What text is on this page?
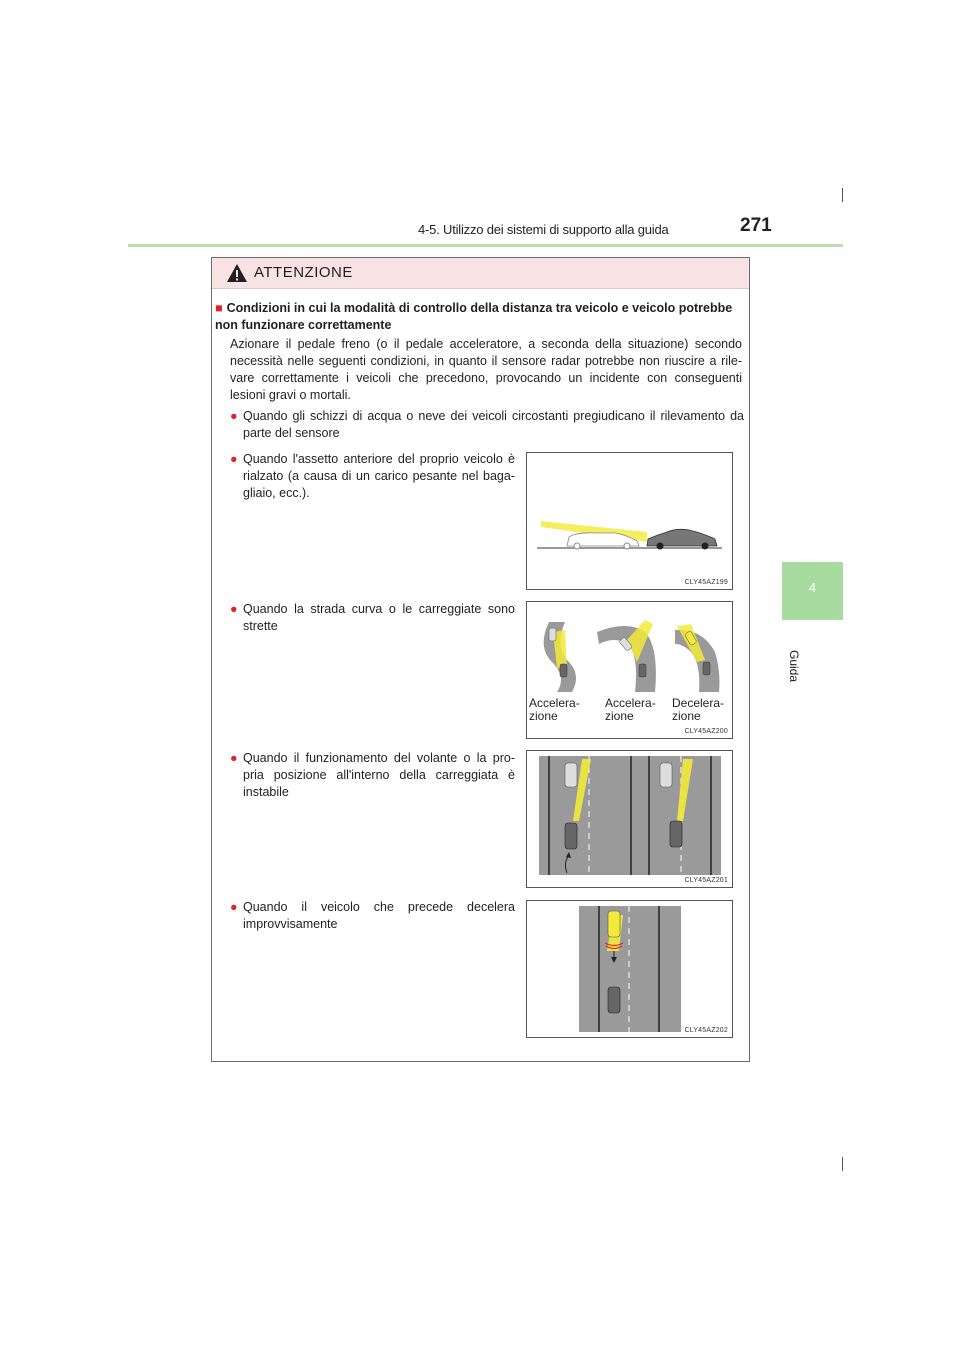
4-5. Utilizzo dei sistemi di supporto alla guida	271
4
Guida
ATTENZIONE
■ Condizioni in cui la modalità di controllo della distanza tra veicolo e veicolo potrebbe non funzionare correttamente
Azionare il pedale freno (o il pedale acceleratore, a seconda della situazione) secondo necessità nelle seguenti condizioni, in quanto il sensore radar potrebbe non riuscire a rile-vare correttamente i veicoli che precedono, provocando un incidente con conseguenti lesioni gravi o mortali.
● Quando gli schizzi di acqua o neve dei veicoli circostanti pregiudicano il rilevamento da parte del sensore
● Quando l'assetto anteriore del proprio veicolo è rialzato (a causa di un carico pesante nel baga-gliaio, ecc.).
● Quando la strada curva o le carreggiate sono strette
● Quando il funzionamento del volante o la pro-pria posizione all'interno della carreggiata è instabile
● Quando il veicolo che precede decelera improvvisamente
CLY45AZ199
Accelera-
zione
Accelera-
zione
Decelera-
zione
CLY45AZ200
CLY45AZ201
CLY45AZ202
